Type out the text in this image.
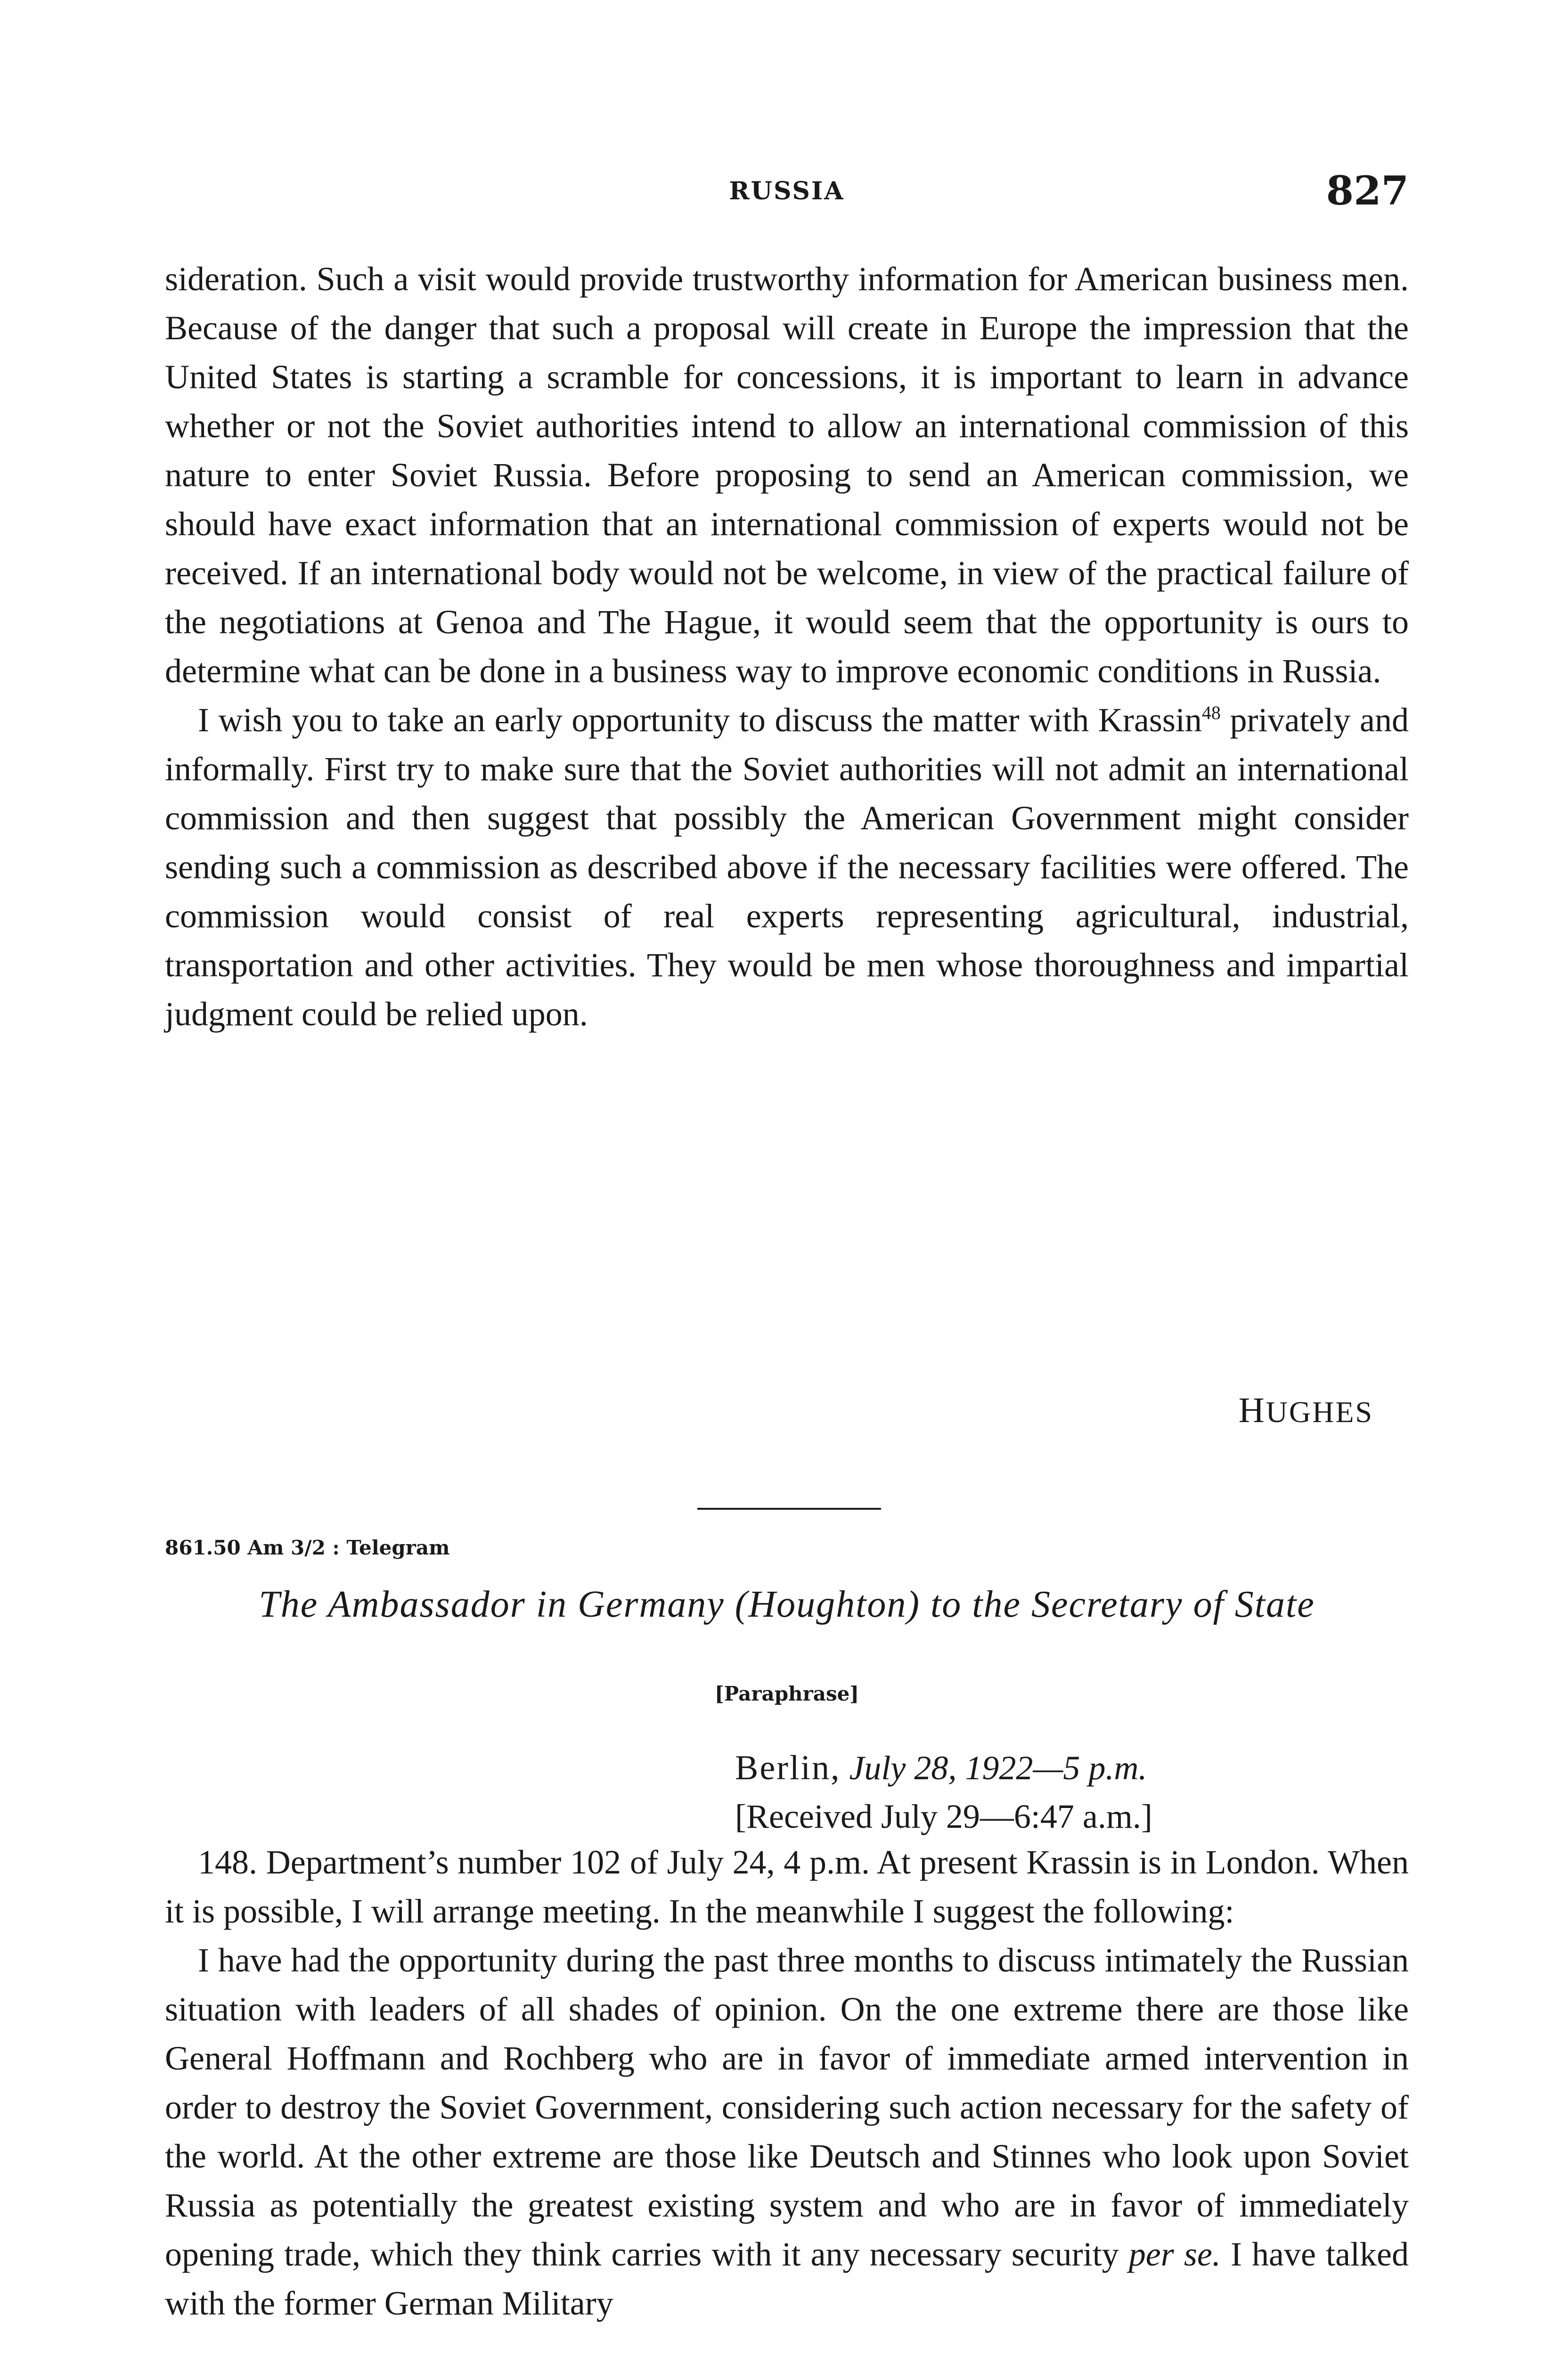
RUSSIA	827

sideration. Such a visit would provide trustworthy information for American business men. Because of the danger that such a proposal will create in Europe the impression that the United States is starting a scramble for concessions, it is important to learn in advance whether or not the Soviet authorities intend to allow an international commission of this nature to enter Soviet Russia. Before proposing to send an American commission, we should have exact information that an international commission of experts would not be received. If an international body would not be welcome, in view of the practical failure of the negotiations at Genoa and The Hague, it would seem that the opportunity is ours to determine what can be done in a business way to improve economic conditions in Russia.

I wish you to take an early opportunity to discuss the matter with Krassin$^{48}$ privately and informally. First try to make sure that the Soviet authorities will not admit an international commission and then suggest that possibly the American Government might consider sending such a commission as described above if the necessary facilities were offered. The commission would consist of real experts representing agricultural, industrial, transportation and other activities. They would be men whose thoroughness and impartial judgment could be relied upon.

HUGHES
861.50 Am 3/2 : Telegram
The Ambassador in Germany (Houghton) to the Secretary of State
[Paraphrase]
Berlin, July 28, 1922—5 p.m.
[Received July 29—6:47 a.m.]

148. Department’s number 102 of July 24, 4 p.m. At present Krassin is in London. When it is possible, I will arrange meeting. In the meanwhile I suggest the following:

I have had the opportunity during the past three months to discuss intimately the Russian situation with leaders of all shades of opinion. On the one extreme there are those like General Hoffmann and Rochberg who are in favor of immediate armed intervention in order to destroy the Soviet Government, considering such action necessary for the safety of the world. At the other extreme are those like Deutsch and Stinnes who look upon Soviet Russia as potentially the greatest existing system and who are in favor of immediately opening trade, which they think carries with it any necessary security per se. I have talked with the former German Military
